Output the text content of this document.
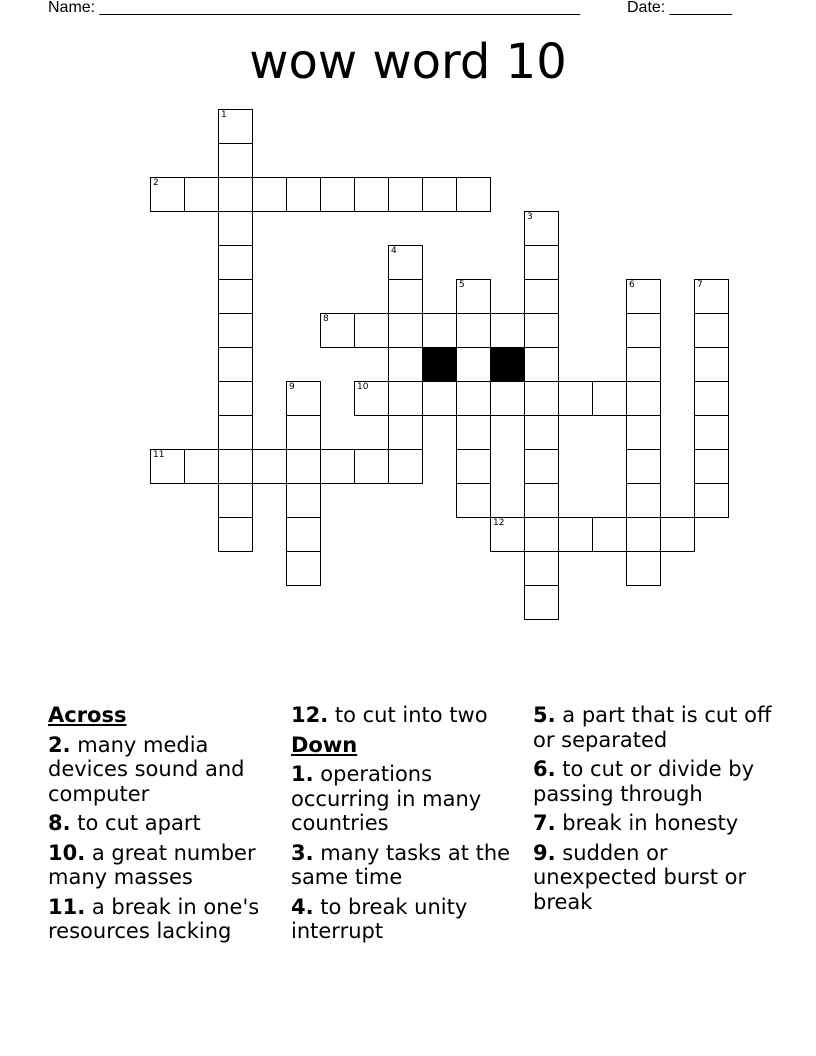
Name: ______________________________________________________	Date: _______
wow word 10
1
2
3
4
5	6	7
8
9	10
11
12
Across
2. many media devices sound and computer
8. to cut apart
10. a great number many masses
11. a break in one's resources lacking
12. to cut into two
Down
1. operations occurring in many countries
3. many tasks at the same time
4. to break unity interrupt
5. a part that is cut off or separated
6. to cut or divide by passing through
7. break in honesty
9. sudden or unexpected burst or break
